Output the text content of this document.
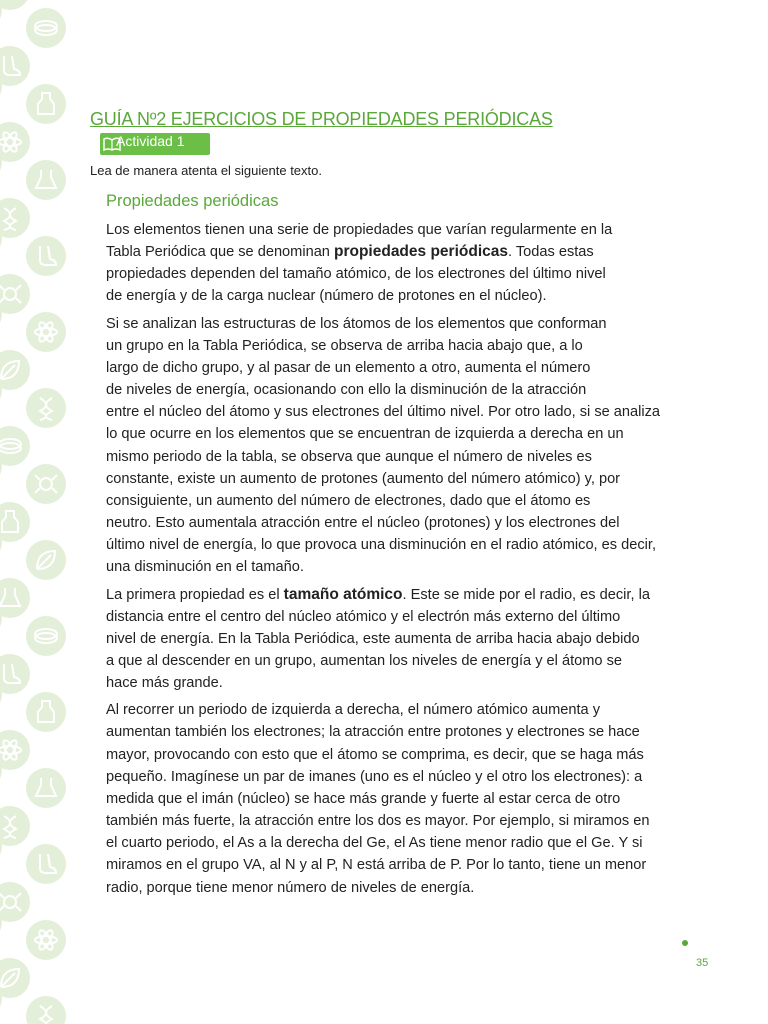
GUÍA Nº2 EJERCICIOS DE PROPIEDADES PERIÓDICAS
Actividad 1
Lea de manera atenta el siguiente texto.
Propiedades periódicas
Los elementos tienen una serie de propiedades que varían regularmente en la
Tabla Periódica que se denominan propiedades periódicas. Todas estas
propiedades dependen del tamaño atómico, de los electrones del último nivel
de energía y de la carga nuclear (número de protones en el núcleo).
Si se analizan las estructuras de los átomos de los elementos que conforman
un grupo en la Tabla Periódica, se observa de arriba hacia abajo que, a lo
largo de dicho grupo, y al pasar de un elemento a otro, aumenta el número
de niveles de energía, ocasionando con ello la disminución de la atracción
entre el núcleo del átomo y sus electrones del último nivel. Por otro lado, si se analiza
lo que ocurre en los elementos que se encuentran de izquierda a derecha en un
mismo periodo de la tabla, se observa que aunque el número de niveles es
constante, existe un aumento de protones (aumento del número atómico) y, por
consiguiente, un aumento del número de electrones, dado que el átomo es
neutro. Esto aumentala atracción entre el núcleo (protones) y los electrones del
último nivel de energía, lo que provoca una disminución en el radio atómico, es decir,
una disminución en el tamaño.
La primera propiedad es el tamaño atómico. Este se mide por el radio, es decir, la
distancia entre el centro del núcleo atómico y el electrón más externo del último
nivel de energía. En la Tabla Periódica, este aumenta de arriba hacia abajo debido
a que al descender en un grupo, aumentan los niveles de energía y el átomo se
hace más grande.
Al recorrer un periodo de izquierda a derecha, el número atómico aumenta y
aumentan también los electrones; la atracción entre protones y electrones se hace
mayor, provocando con esto que el átomo se comprima, es decir, que se haga más
pequeño. Imagínese un par de imanes (uno es el núcleo y el otro los electrones): a
medida que el imán (núcleo) se hace más grande y fuerte al estar cerca de otro
también más fuerte, la atracción entre los dos es mayor. Por ejemplo, si miramos en
el cuarto periodo, el As a la derecha del Ge, el As tiene menor radio que el Ge. Y si
miramos en el grupo VA, al N y al P, N está arriba de P. Por lo tanto, tiene un menor
radio, porque tiene menor número de niveles de energía.
35
